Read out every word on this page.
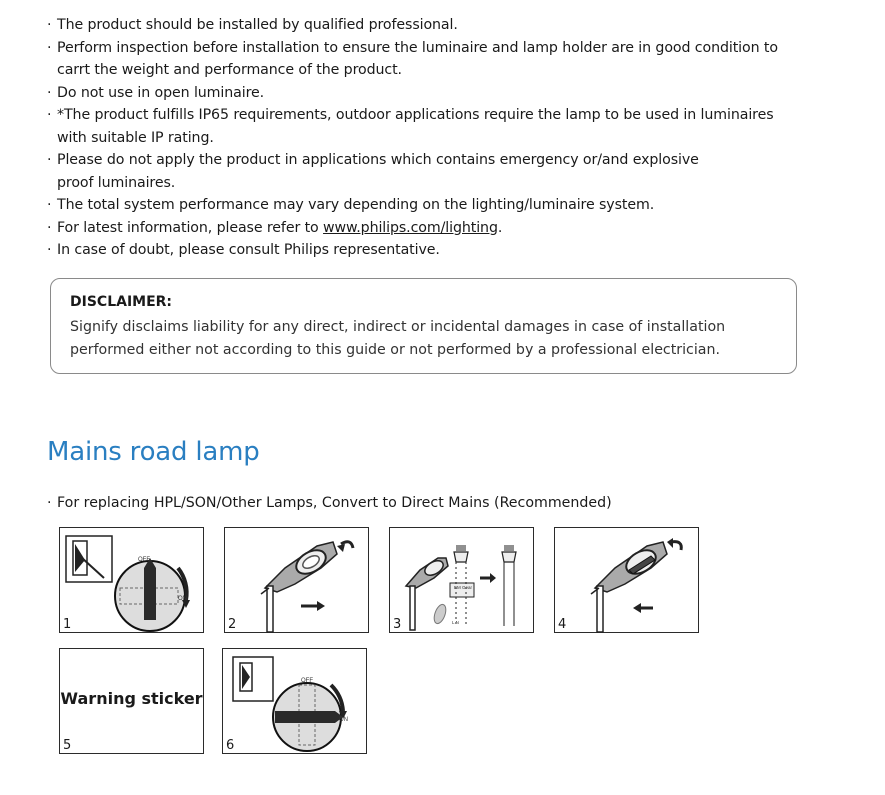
· The product should be installed by qualified professional.
· Perform inspection before installation to ensure the luminaire and lamp holder are in good condition to
carrt the weight and performance of the product.
· Do not use in open luminaire.
· *The product fulfills IP65 requirements, outdoor applications require the lamp to be used in luminaires
with suitable IP rating.
· Please do not apply the product in applications which contains emergency or/and explosive
proof luminaires.
· The total system performance may vary depending on the lighting/luminaire system.
· For latest information, please refer to www.philips.com/lighting.
· In case of doubt, please consult Philips representative.
DISCLAIMER:
Signify disclaims liability for any direct, indirect or incidental damages in case of installation
performed either not according to this guide or not performed by a professional electrician.
Mains road lamp
· For replacing HPL/SON/Other Lamps, Convert to Direct Mains (Recommended)
OFF
ON
1	2
EM Gear
L N
3	4
Warning sticker
5
OFF
ON
6
